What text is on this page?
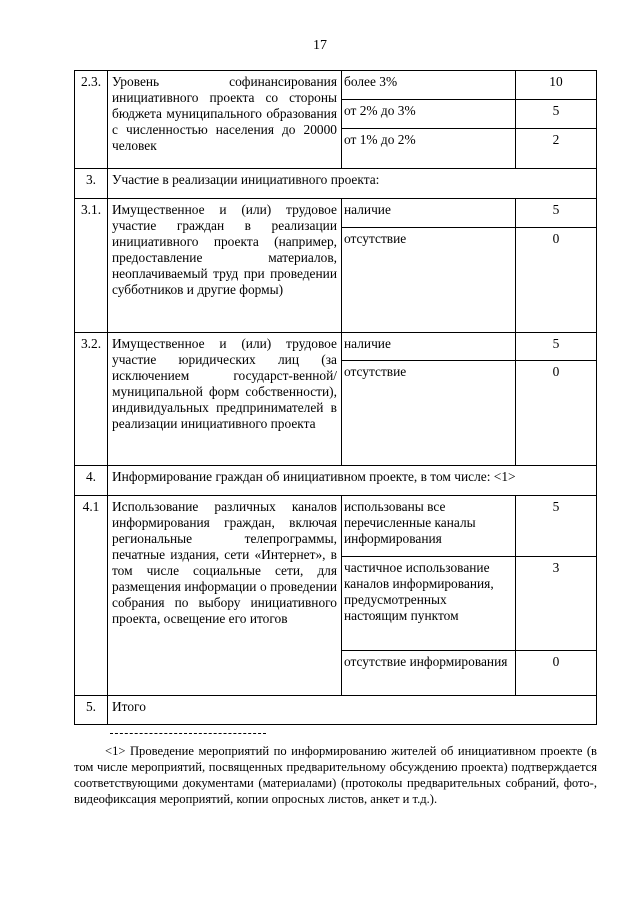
17
2.3.	Уровень софинансирования инициативного проекта со стороны бюджета муниципального образования с численностью населения до 20000 человек	более 3%	10
		от 2% до 3%	5
		от 1% до 2%	2
3.	Участие в реализации инициативного проекта:		
3.1.	Имущественное и (или) трудовое участие граждан в реализации инициативного проекта (например, предоставление материалов, неоплачиваемый труд при проведении субботников и другие формы)	наличие	5
		отсутствие	0
3.2.	Имущественное и (или) трудовое участие юридических лиц (за исключением государст-венной/муниципальной форм собственности), индивидуальных предпринимателей в реализации инициативного проекта	наличие	5
		отсутствие	0
4.	Информирование граждан об инициативном проекте, в том числе: <1>		
4.1	Использование различных каналов информирования граждан, включая региональные телепрограммы, печатные издания, сети «Интернет», в том числе социальные сети, для размещения информации о проведении собрания по выбору инициативного проекта, освещение его итогов	использованы все перечисленные каналы информирования	5
		частичное использование каналов информирования, предусмотренных настоящим пунктом	3
		отсутствие информирования	0
5.	Итого		
<1> Проведение мероприятий по информированию жителей об инициативном проекте (в том числе мероприятий, посвященных предварительному обсуждению проекта) подтверждается соответствующими документами (материалами) (протоколы предварительных собраний, фото-, видеофиксация мероприятий, копии опросных листов, анкет и т.д.).
